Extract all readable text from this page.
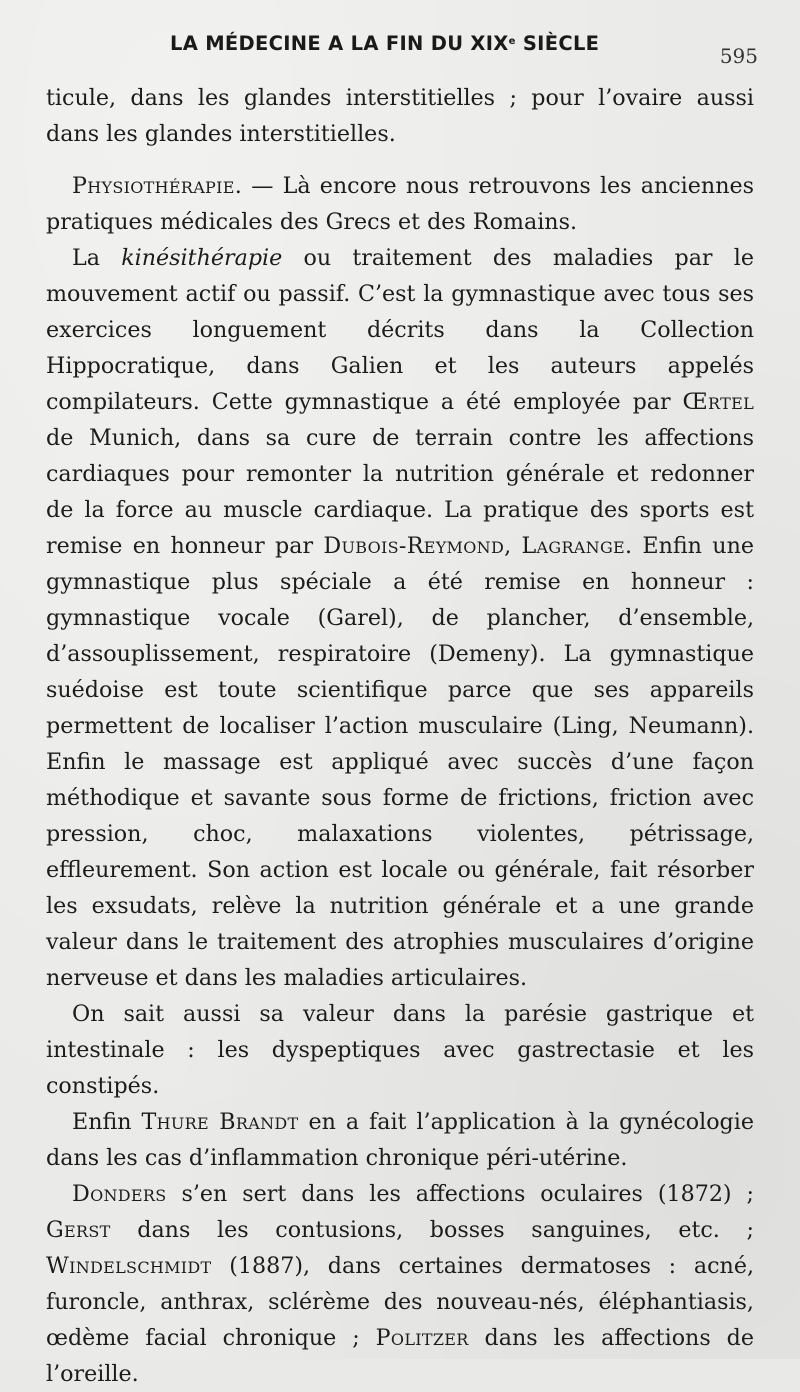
LA MÉDECINE A LA FIN DU XIXe SIÈCLE
595

ticule, dans les glandes interstitielles ; pour l’ovaire aussi dans les glandes interstitielles.

Physiothérapie. — Là encore nous retrouvons les anciennes pratiques médicales des Grecs et des Romains.

La kinésithérapie ou traitement des maladies par le mouvement actif ou passif. C’est la gymnastique avec tous ses exercices longuement décrits dans la Collection Hippocratique, dans Galien et les auteurs appelés compilateurs. Cette gymnastique a été employée par Œrtel de Munich, dans sa cure de terrain contre les affections cardiaques pour remonter la nutrition générale et redonner de la force au muscle cardiaque. La pratique des sports est remise en honneur par Dubois-Reymond, Lagrange. Enfin une gymnastique plus spéciale a été remise en honneur : gymnastique vocale (Garel), de plancher, d’ensemble, d’assouplissement, respiratoire (Demeny). La gymnastique suédoise est toute scientifique parce que ses appareils permettent de localiser l’action musculaire (Ling, Neumann). Enfin le massage est appliqué avec succès d’une façon méthodique et savante sous forme de frictions, friction avec pression, choc, malaxations violentes, pétrissage, effleurement. Son action est locale ou générale, fait résorber les exsudats, relève la nutrition générale et a une grande valeur dans le traitement des atrophies musculaires d’origine nerveuse et dans les maladies articulaires.

On sait aussi sa valeur dans la parésie gastrique et intestinale : les dyspeptiques avec gastrectasie et les constipés.

Enfin Thure Brandt en a fait l’application à la gynécologie dans les cas d’inflammation chronique péri-utérine.

Donders s’en sert dans les affections oculaires (1872) ; Gerst dans les contusions, bosses sanguines, etc. ; Windelschmidt (1887), dans certaines dermatoses : acné, furoncle, anthrax, sclérème des nouveau-nés, éléphantiasis, œdème facial chronique ; Politzer dans les affections de l’oreille.
